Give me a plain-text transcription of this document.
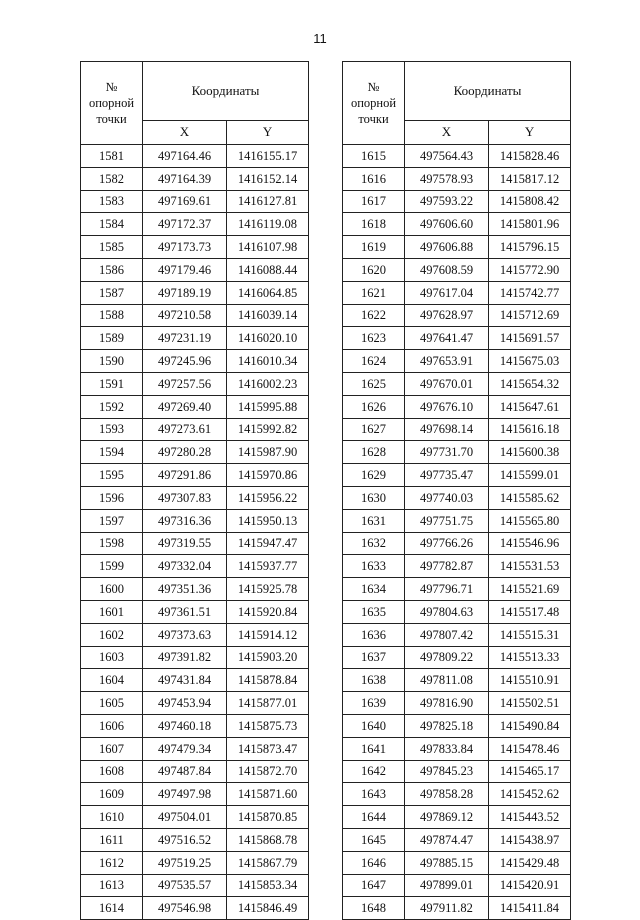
11
№
опорной
точки	Координаты	
	X	Y
1581	497164.46	1416155.17
1582	497164.39	1416152.14
1583	497169.61	1416127.81
1584	497172.37	1416119.08
1585	497173.73	1416107.98
1586	497179.46	1416088.44
1587	497189.19	1416064.85
1588	497210.58	1416039.14
1589	497231.19	1416020.10
1590	497245.96	1416010.34
1591	497257.56	1416002.23
1592	497269.40	1415995.88
1593	497273.61	1415992.82
1594	497280.28	1415987.90
1595	497291.86	1415970.86
1596	497307.83	1415956.22
1597	497316.36	1415950.13
1598	497319.55	1415947.47
1599	497332.04	1415937.77
1600	497351.36	1415925.78
1601	497361.51	1415920.84
1602	497373.63	1415914.12
1603	497391.82	1415903.20
1604	497431.84	1415878.84
1605	497453.94	1415877.01
1606	497460.18	1415875.73
1607	497479.34	1415873.47
1608	497487.84	1415872.70
1609	497497.98	1415871.60
1610	497504.01	1415870.85
1611	497516.52	1415868.78
1612	497519.25	1415867.79
1613	497535.57	1415853.34
1614	497546.98	1415846.49
№
опорной
точки	Координаты	
	X	Y
1615	497564.43	1415828.46
1616	497578.93	1415817.12
1617	497593.22	1415808.42
1618	497606.60	1415801.96
1619	497606.88	1415796.15
1620	497608.59	1415772.90
1621	497617.04	1415742.77
1622	497628.97	1415712.69
1623	497641.47	1415691.57
1624	497653.91	1415675.03
1625	497670.01	1415654.32
1626	497676.10	1415647.61
1627	497698.14	1415616.18
1628	497731.70	1415600.38
1629	497735.47	1415599.01
1630	497740.03	1415585.62
1631	497751.75	1415565.80
1632	497766.26	1415546.96
1633	497782.87	1415531.53
1634	497796.71	1415521.69
1635	497804.63	1415517.48
1636	497807.42	1415515.31
1637	497809.22	1415513.33
1638	497811.08	1415510.91
1639	497816.90	1415502.51
1640	497825.18	1415490.84
1641	497833.84	1415478.46
1642	497845.23	1415465.17
1643	497858.28	1415452.62
1644	497869.12	1415443.52
1645	497874.47	1415438.97
1646	497885.15	1415429.48
1647	497899.01	1415420.91
1648	497911.82	1415411.84
